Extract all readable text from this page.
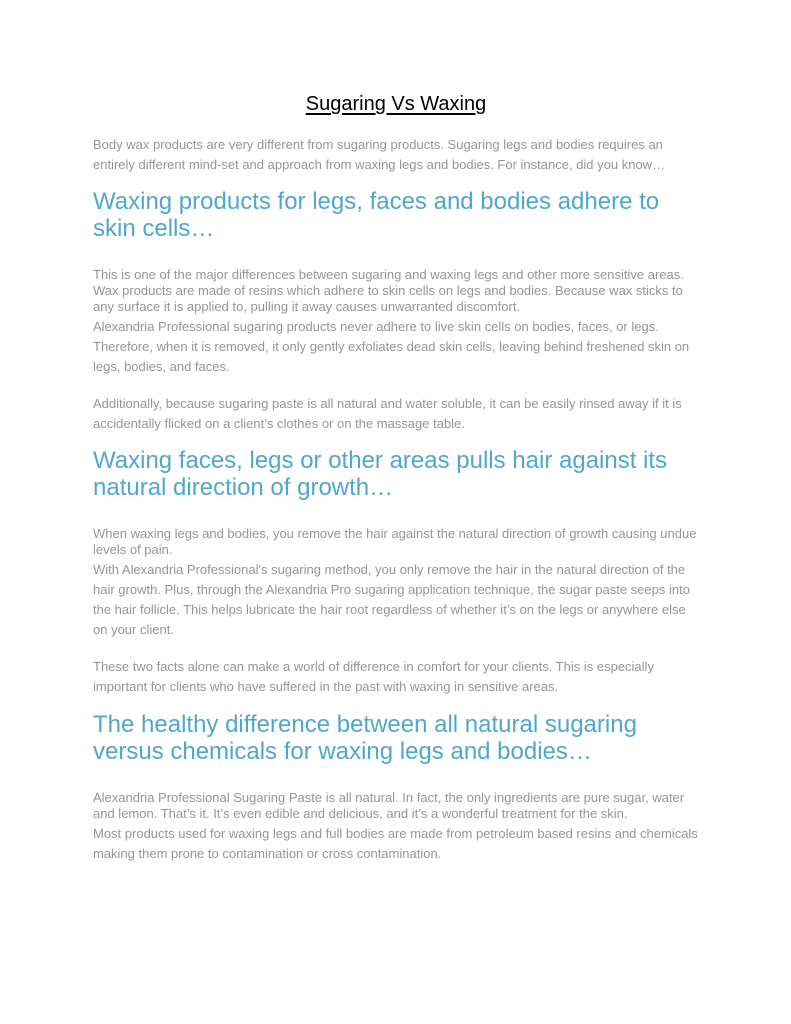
Sugaring Vs Waxing

Body wax products are very different from sugaring products. Sugaring legs and bodies requires an entirely different mind-set and approach from waxing legs and bodies. For instance, did you know…

Waxing products for legs, faces and bodies adhere to skin cells…

This is one of the major differences between sugaring and waxing legs and other more sensitive areas. Wax products are made of resins which adhere to skin cells on legs and bodies. Because wax sticks to any surface it is applied to, pulling it away causes unwarranted discomfort.

Alexandria Professional sugaring products never adhere to live skin cells on bodies, faces, or legs. Therefore, when it is removed, it only gently exfoliates dead skin cells, leaving behind freshened skin on legs, bodies, and faces.

Additionally, because sugaring paste is all natural and water soluble, it can be easily rinsed away if it is accidentally flicked on a client’s clothes or on the massage table.

Waxing faces, legs or other areas pulls hair against its natural direction of growth…

When waxing legs and bodies, you remove the hair against the natural direction of growth causing undue levels of pain.

With Alexandria Professional's sugaring method, you only remove the hair in the natural direction of the hair growth. Plus, through the Alexandria Pro sugaring application technique, the sugar paste seeps into the hair follicle. This helps lubricate the hair root regardless of whether it’s on the legs or anywhere else on your client.

These two facts alone can make a world of difference in comfort for your clients. This is especially important for clients who have suffered in the past with waxing in sensitive areas.

The healthy difference between all natural sugaring versus chemicals for waxing legs and bodies…

Alexandria Professional Sugaring Paste is all natural. In fact, the only ingredients are pure sugar, water and lemon. That’s it. It’s even edible and delicious, and it’s a wonderful treatment for the skin.

Most products used for waxing legs and full bodies are made from petroleum based resins and chemicals making them prone to contamination or cross contamination.
